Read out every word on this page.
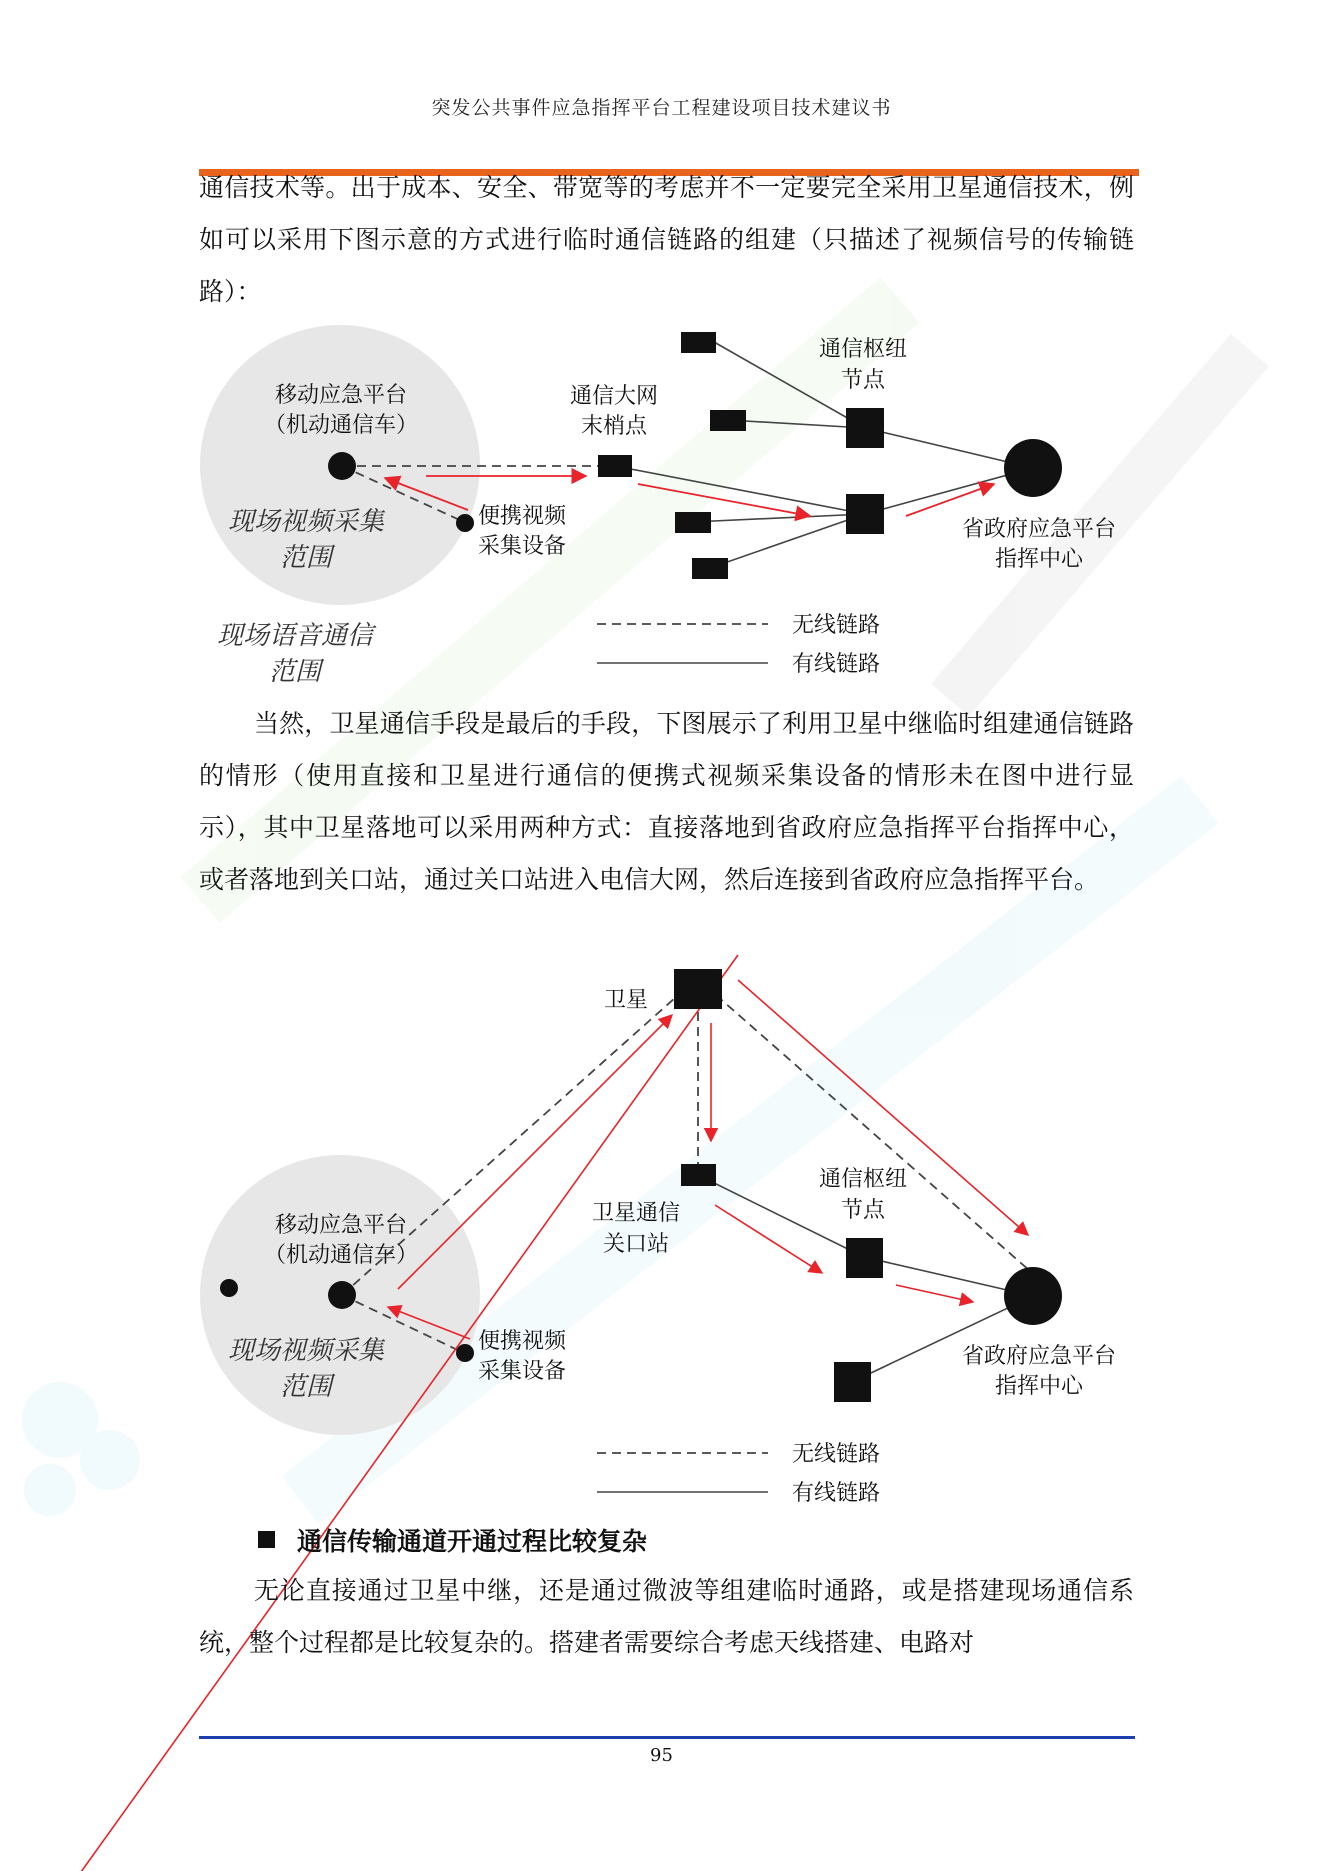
突发公共事件应急指挥平台工程建设项目技术建议书

通信技术等。出于成本、安全、带宽等的考虑并不一定要完全采用卫星通信技术，例如可以采用下图示意的方式进行临时通信链路的组建（只描述了视频信号的传输链路）：

移动应急平台
（机动通信车）
通信大网
末梢点
通信枢纽
节点
便携视频
采集设备
省政府应急平台
指挥中心
现场视频采集
范围
现场语音通信
范围
无线链路
有线链路

当然，卫星通信手段是最后的手段，下图展示了利用卫星中继临时组建通信链路的情形（使用直接和卫星进行通信的便携式视频采集设备的情形未在图中进行显示），其中卫星落地可以采用两种方式：直接落地到省政府应急指挥平台指挥中心，或者落地到关口站，通过关口站进入电信大网，然后连接到省政府应急指挥平台。

卫星
卫星通信
关口站
通信枢纽
节点
移动应急平台
（机动通信车）
便携视频
采集设备
省政府应急平台
指挥中心
现场视频采集
范围
无线链路
有线链路
通信传输通道开通过程比较复杂

无论直接通过卫星中继，还是通过微波等组建临时通路，或是搭建现场通信系统，整个过程都是比较复杂的。搭建者需要综合考虑天线搭建、电路对

95
